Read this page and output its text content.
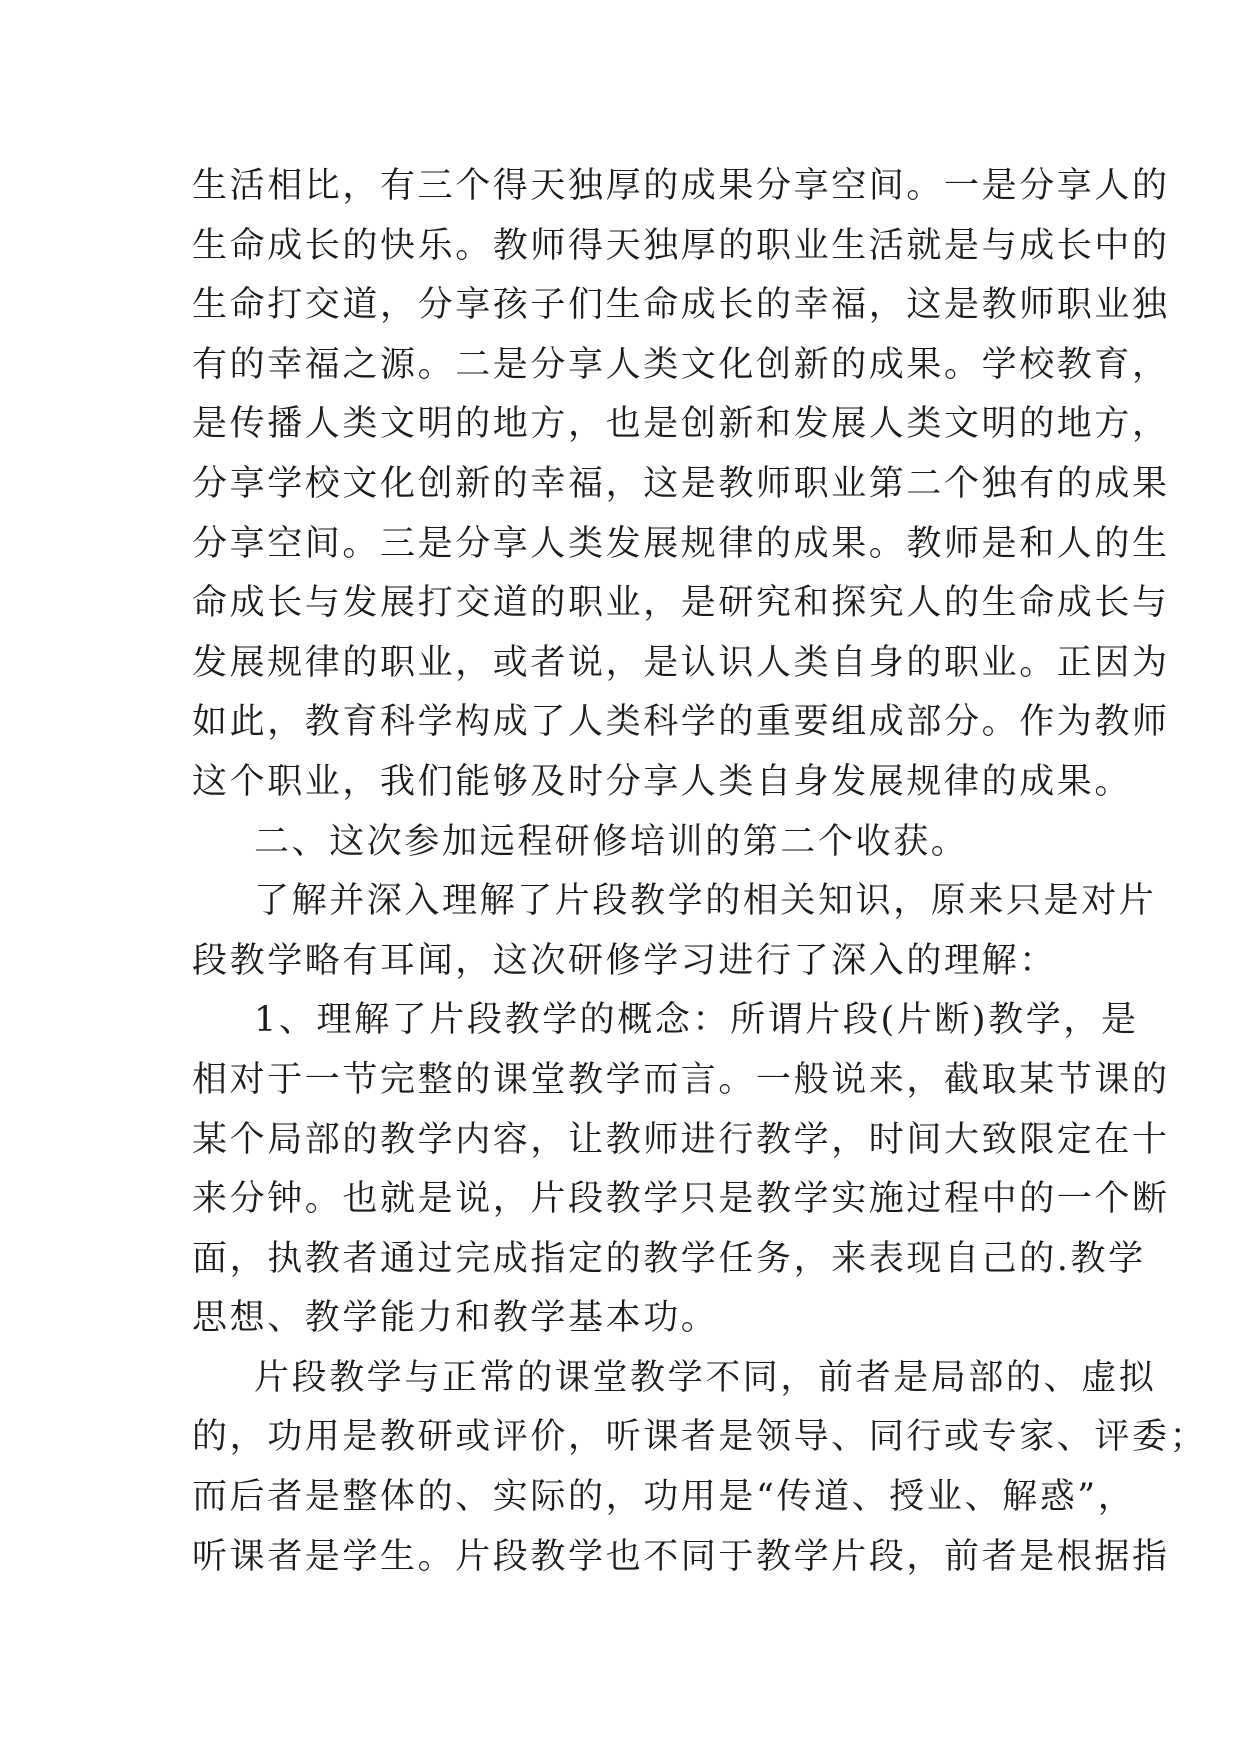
生活相比，有三个得天独厚的成果分享空间。一是分享人的
生命成长的快乐。教师得天独厚的职业生活就是与成长中的
生命打交道，分享孩子们生命成长的幸福，这是教师职业独
有的幸福之源。二是分享人类文化创新的成果。学校教育，
是传播人类文明的地方，也是创新和发展人类文明的地方，
分享学校文化创新的幸福，这是教师职业第二个独有的成果
分享空间。三是分享人类发展规律的成果。教师是和人的生
命成长与发展打交道的职业，是研究和探究人的生命成长与
发展规律的职业，或者说，是认识人类自身的职业。正因为
如此，教育科学构成了人类科学的重要组成部分。作为教师
这个职业，我们能够及时分享人类自身发展规律的成果。
二、这次参加远程研修培训的第二个收获。
了解并深入理解了片段教学的相关知识，原来只是对片
段教学略有耳闻，这次研修学习进行了深入的理解：
1、理解了片段教学的概念：所谓片段(片断)教学，是
相对于一节完整的课堂教学而言。一般说来，截取某节课的
某个局部的教学内容，让教师进行教学，时间大致限定在十
来分钟。也就是说，片段教学只是教学实施过程中的一个断
面，执教者通过完成指定的教学任务，来表现自己的.教学
思想、教学能力和教学基本功。
片段教学与正常的课堂教学不同，前者是局部的、虚拟
的，功用是教研或评价，听课者是领导、同行或专家、评委；
而后者是整体的、实际的，功用是“传道、授业、解惑”，
听课者是学生。片段教学也不同于教学片段，前者是根据指
